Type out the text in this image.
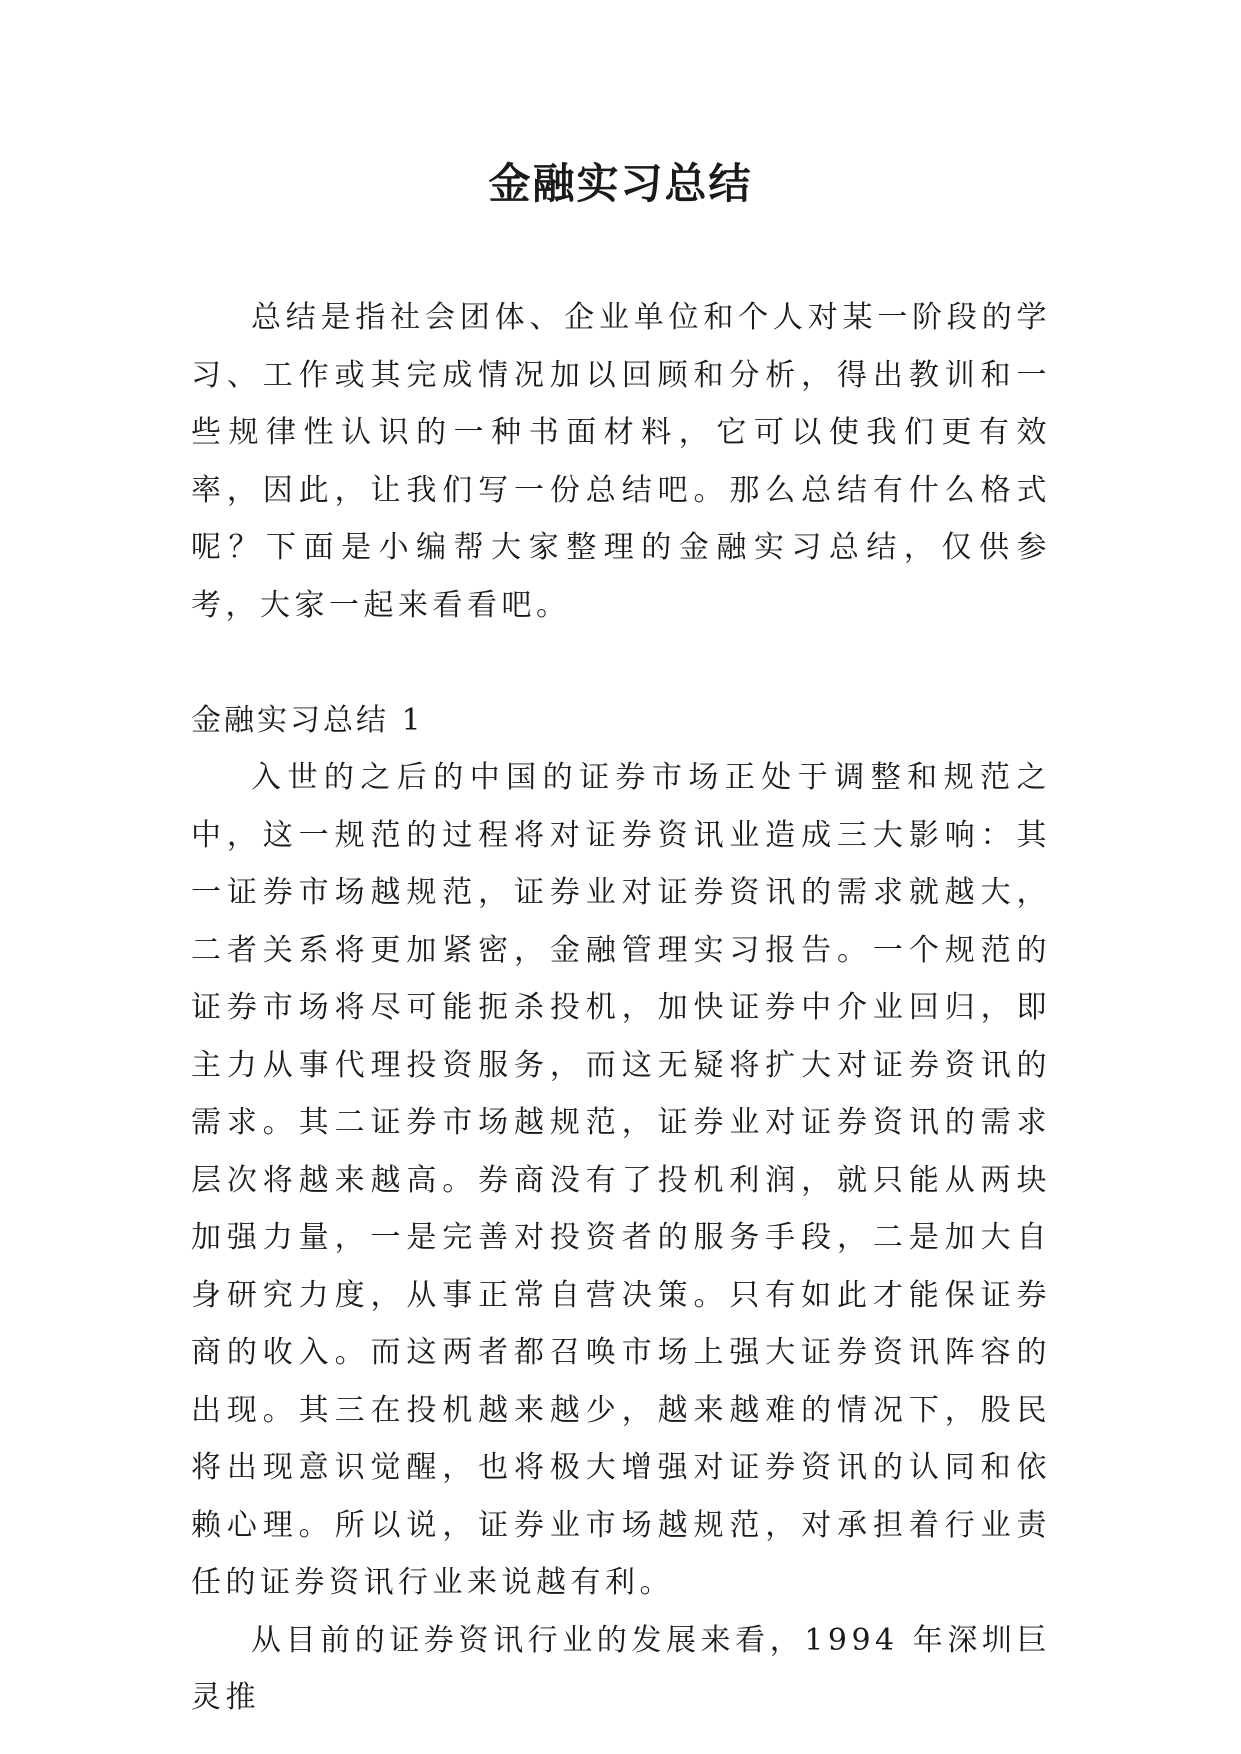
金融实习总结

总结是指社会团体、企业单位和个人对某一阶段的学习、工作或其完成情况加以回顾和分析，得出教训和一些规律性认识的一种书面材料，它可以使我们更有效率，因此，让我们写一份总结吧。那么总结有什么格式呢？下面是小编帮大家整理的金融实习总结，仅供参考，大家一起来看看吧。

金融实习总结 1

入世的之后的中国的证券市场正处于调整和规范之中，这一规范的过程将对证券资讯业造成三大影响：其一证券市场越规范，证券业对证券资讯的需求就越大，二者关系将更加紧密，金融管理实习报告。一个规范的证券市场将尽可能扼杀投机，加快证券中介业回归，即主力从事代理投资服务，而这无疑将扩大对证券资讯的需求。其二证券市场越规范，证券业对证券资讯的需求层次将越来越高。券商没有了投机利润，就只能从两块加强力量，一是完善对投资者的服务手段，二是加大自身研究力度，从事正常自营决策。只有如此才能保证券商的收入。而这两者都召唤市场上强大证券资讯阵容的出现。其三在投机越来越少，越来越难的情况下，股民将出现意识觉醒，也将极大增强对证券资讯的认同和依赖心理。所以说，证券业市场越规范，对承担着行业责任的证券资讯行业来说越有利。

从目前的证券资讯行业的发展来看，1994 年深圳巨灵推
